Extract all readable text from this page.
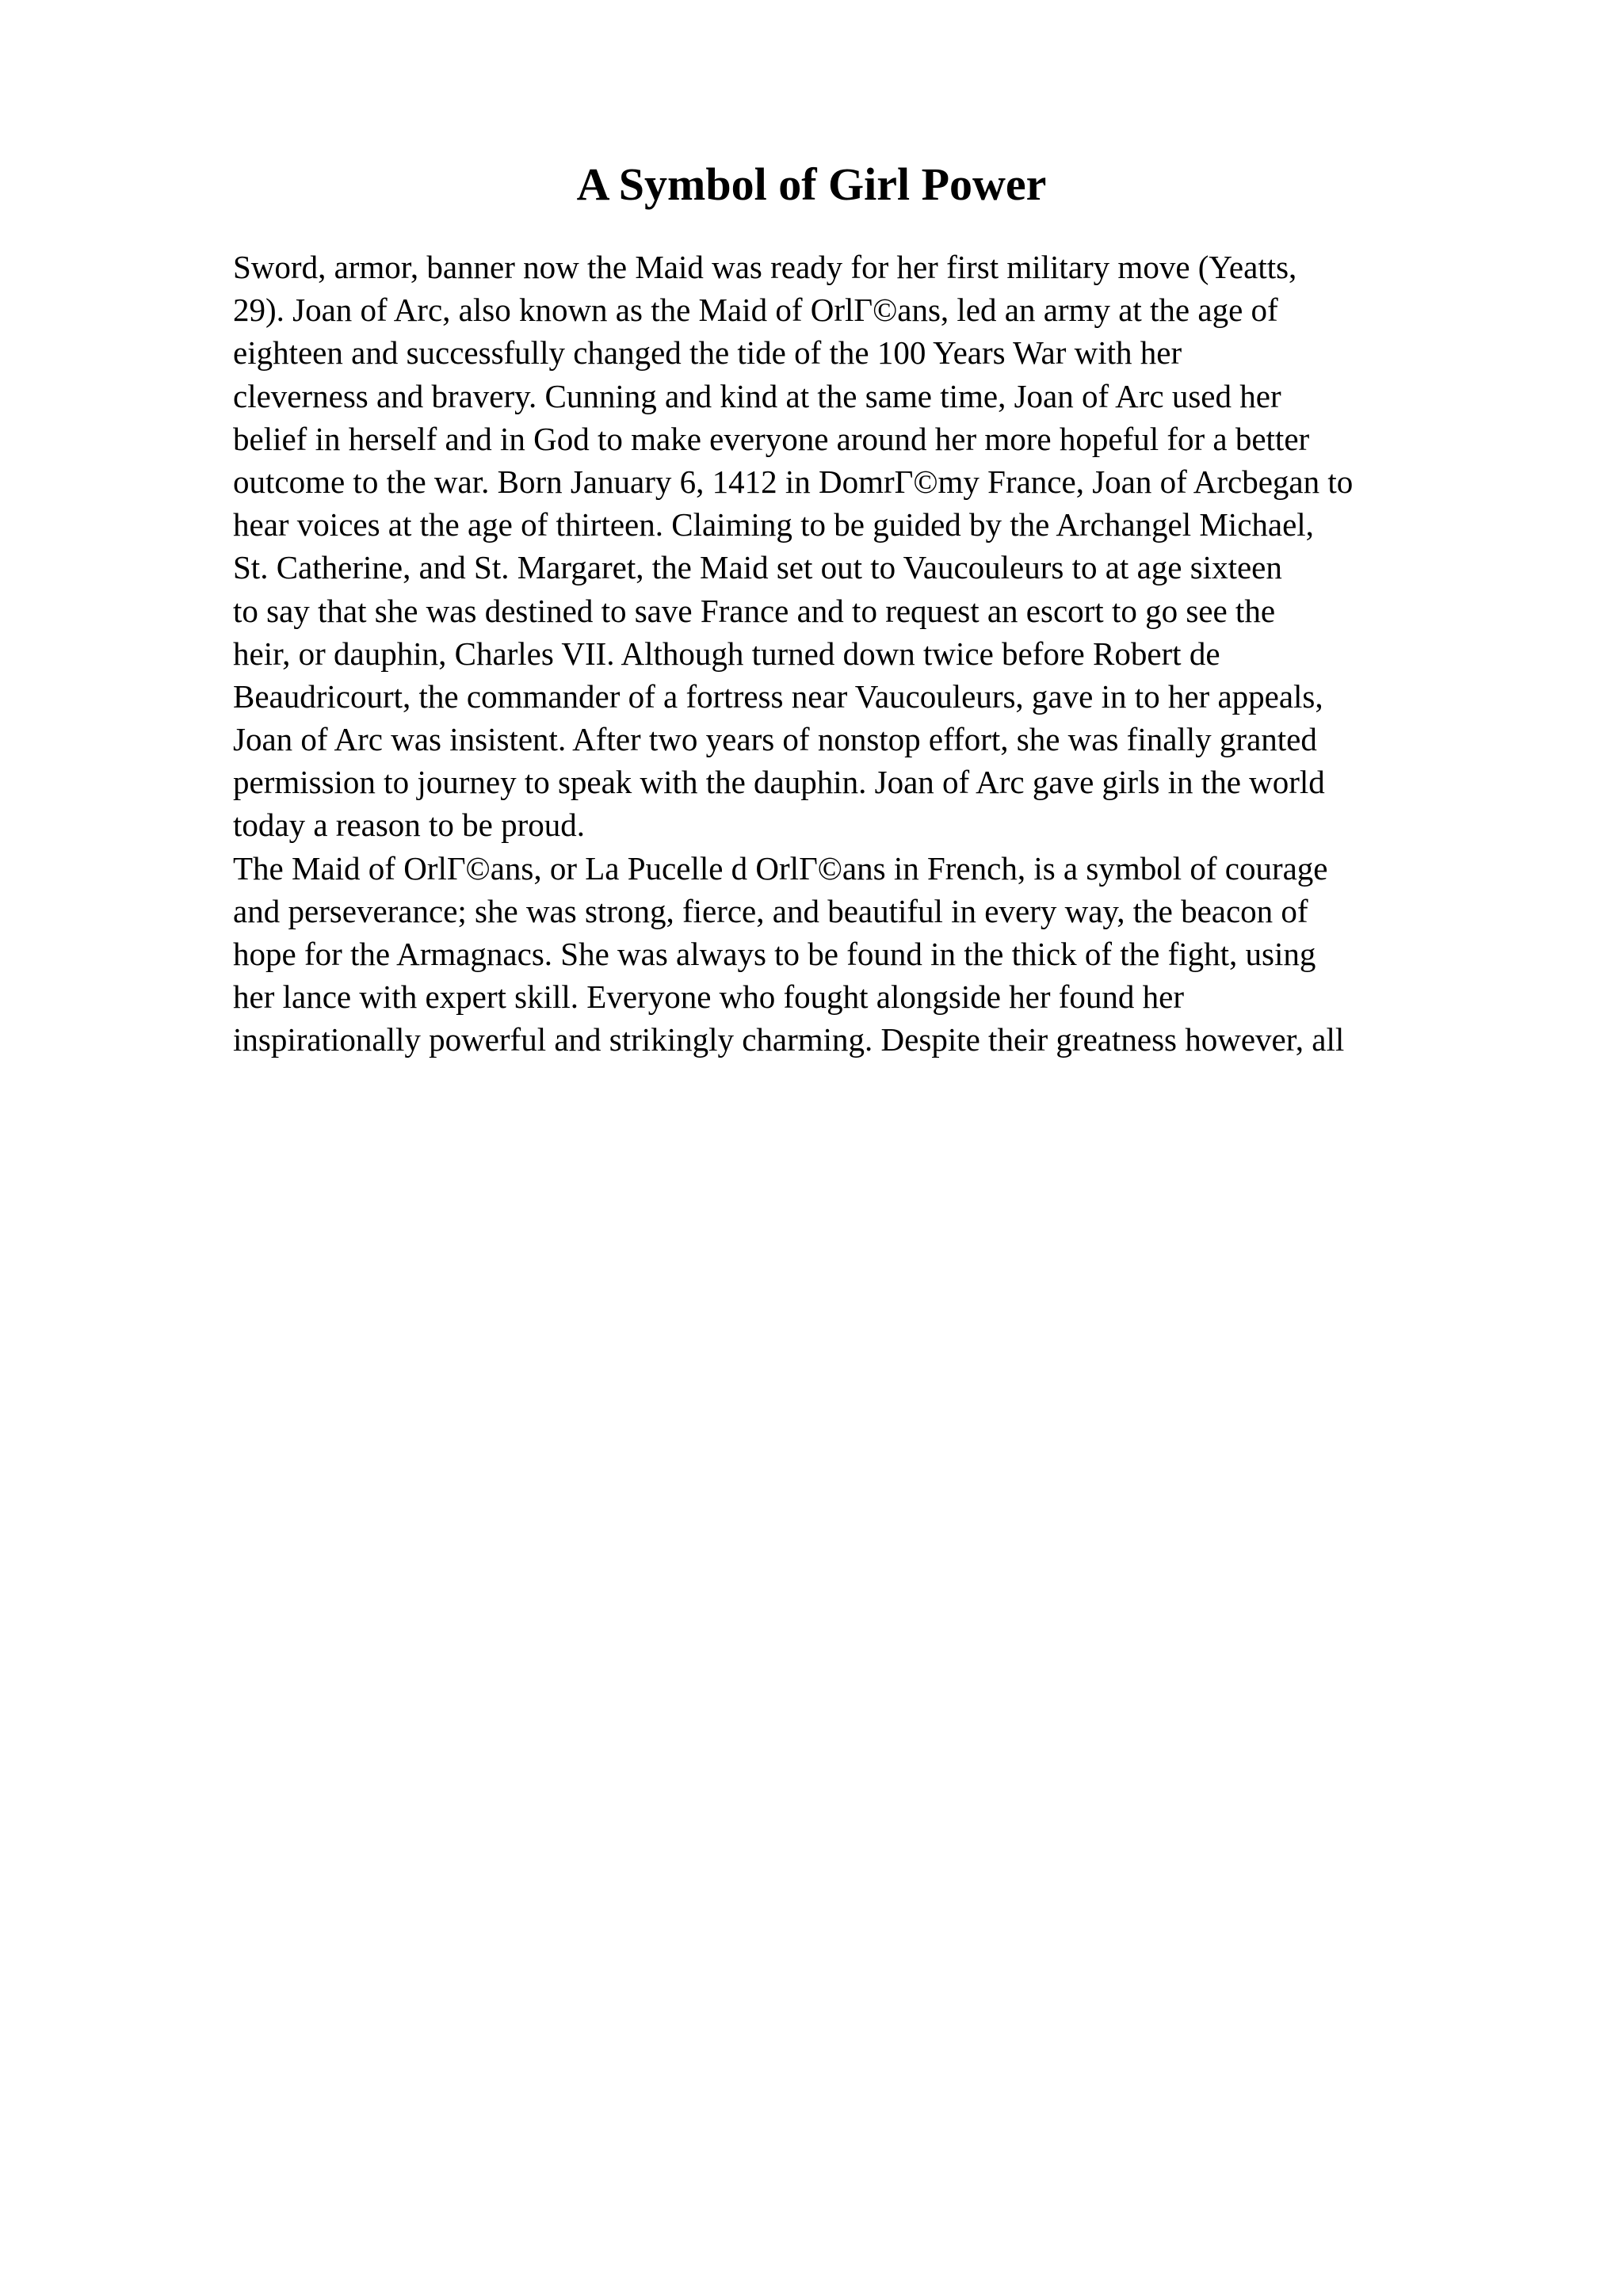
A Symbol of Girl Power
Sword, armor, banner now the Maid was ready for her first military move (Yeatts,
29). Joan of Arc, also known as the Maid of OrlΓ©ans, led an army at the age of
eighteen and successfully changed the tide of the 100 Years War with her
cleverness and bravery. Cunning and kind at the same time, Joan of Arc used her
belief in herself and in God to make everyone around her more hopeful for a better
outcome to the war. Born January 6, 1412 in DomrΓ©my France, Joan of Arcbegan to
hear voices at the age of thirteen. Claiming to be guided by the Archangel Michael,
St. Catherine, and St. Margaret, the Maid set out to Vaucouleurs to at age sixteen
to say that she was destined to save France and to request an escort to go see the
heir, or dauphin, Charles VII. Although turned down twice before Robert de
Beaudricourt, the commander of a fortress near Vaucouleurs, gave in to her appeals,
Joan of Arc was insistent. After two years of nonstop effort, she was finally granted
permission to journey to speak with the dauphin. Joan of Arc gave girls in the world
today a reason to be proud.
The Maid of OrlΓ©ans, or La Pucelle d OrlΓ©ans in French, is a symbol of courage
and perseverance; she was strong, fierce, and beautiful in every way, the beacon of
hope for the Armagnacs. She was always to be found in the thick of the fight, using
her lance with expert skill. Everyone who fought alongside her found her
inspirationally powerful and strikingly charming. Despite their greatness however, all
